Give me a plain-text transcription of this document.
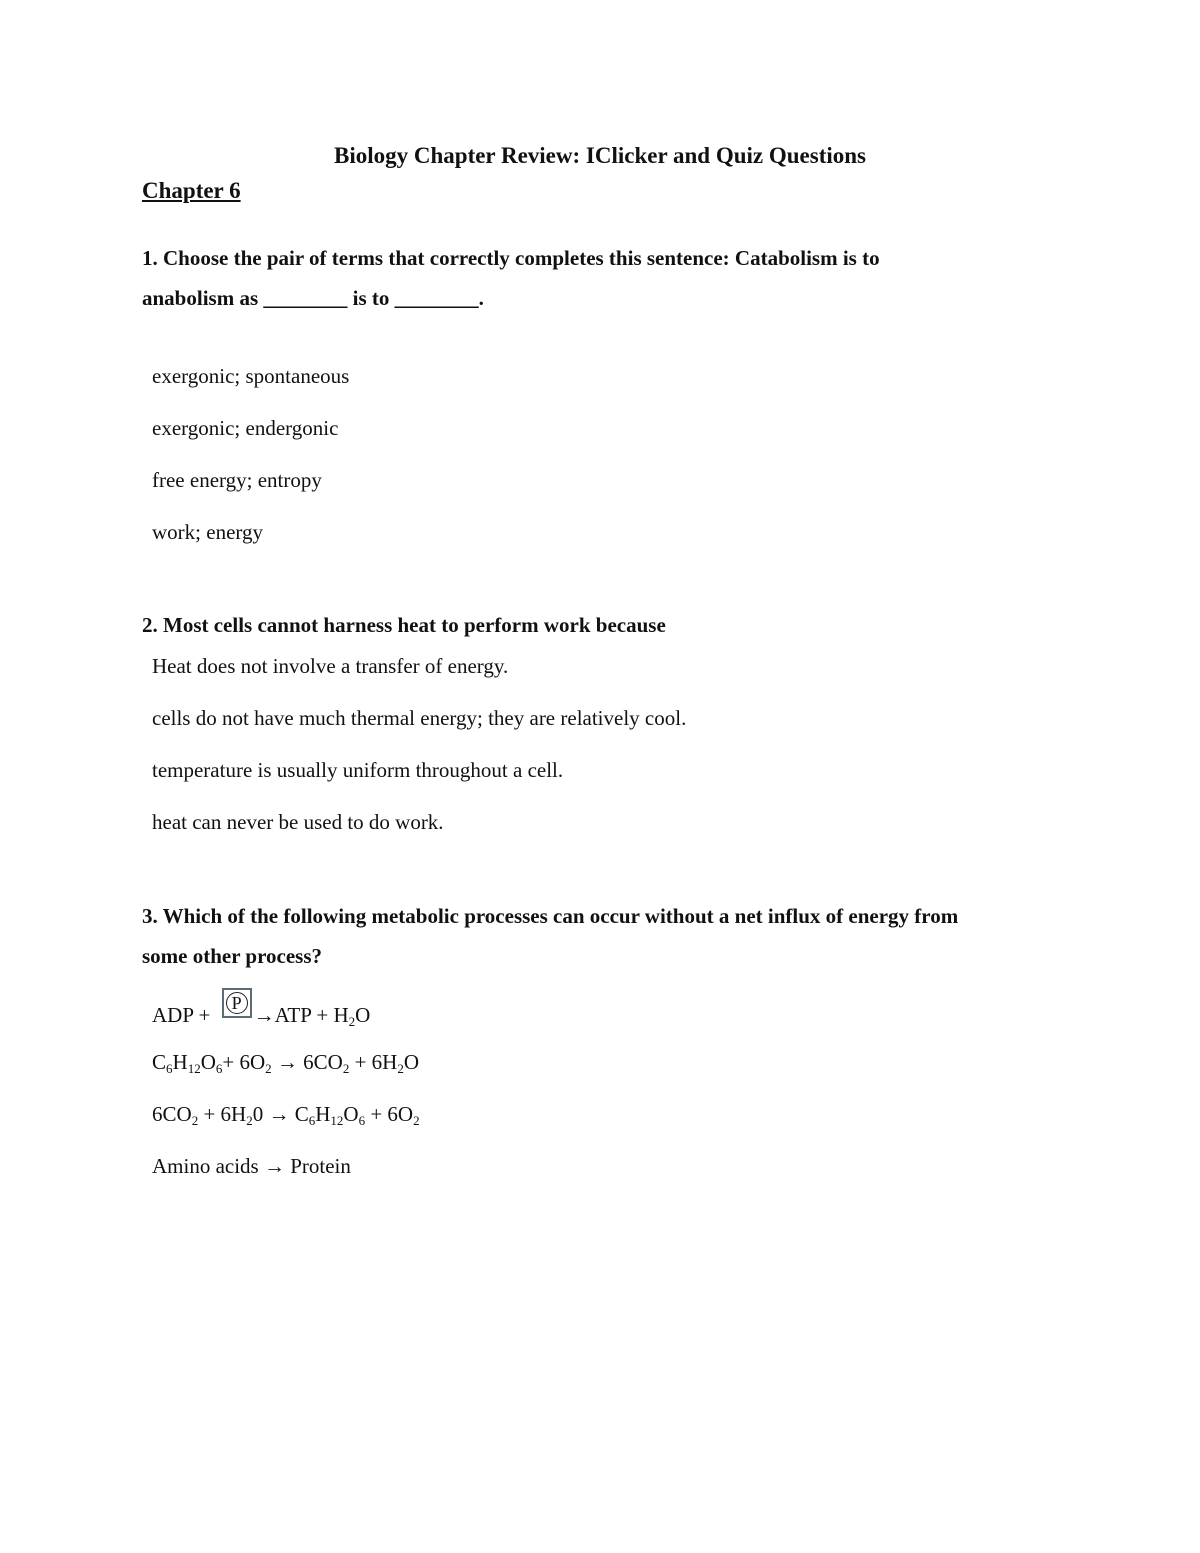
Biology Chapter Review: IClicker and Quiz Questions
Chapter 6
1. Choose the pair of terms that correctly completes this sentence: Catabolism is to
anabolism as ________ is to ________.
exergonic; spontaneous
exergonic; endergonic
free energy; entropy
work; energy
2. Most cells cannot harness heat to perform work because
Heat does not involve a transfer of energy.
cells do not have much thermal energy; they are relatively cool.
temperature is usually uniform throughout a cell.
heat can never be used to do work.
3. Which of the following metabolic processes can occur without a net influx of energy from
some other process?
ADP + $P \to ATP + H_2O$
$C_6H_{12}O_6+ 6O_2 \to 6CO_2 + 6H_2O$
$6CO_2 + 6H_20 \to C_6H_{12}O_6 + 6O_2$
Amino acids → Protein
